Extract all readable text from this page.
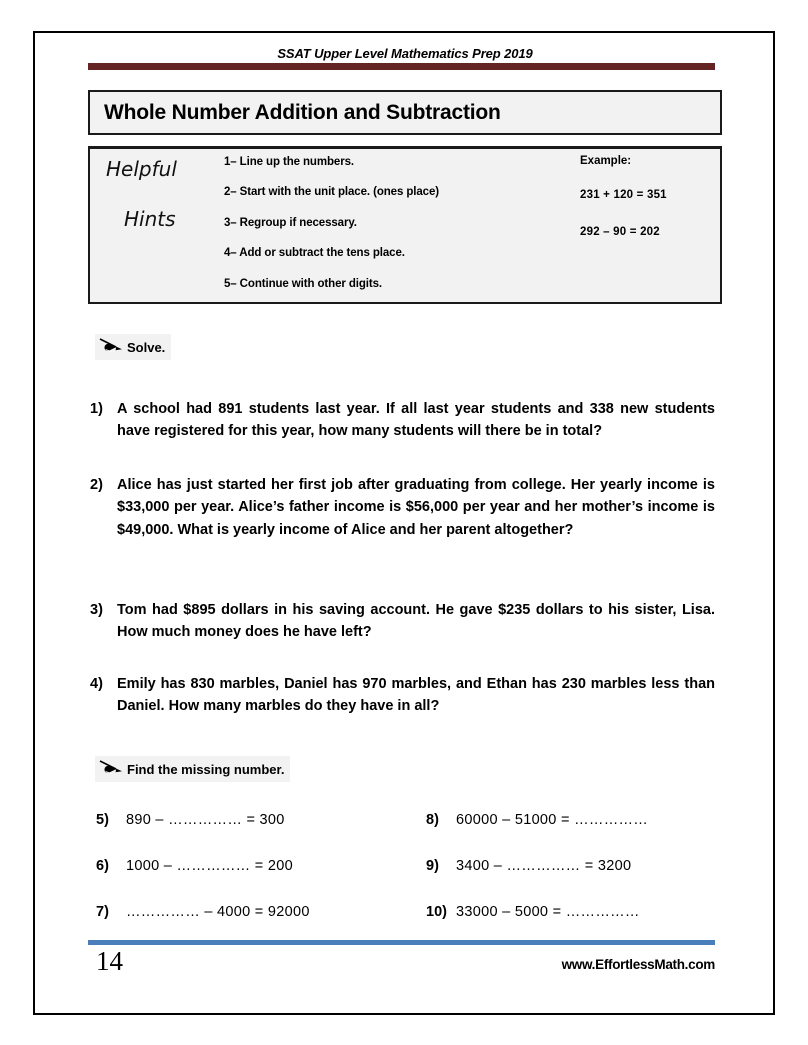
SSAT Upper Level Mathematics Prep 2019
Whole Number Addition and Subtraction
Helpful
Hints
1– Line up the numbers.
2– Start with the unit place. (ones place)
3– Regroup if necessary.
4– Add or subtract the tens place.
5– Continue with other digits.
Example:
231 + 120 = 351
292 – 90 = 202
Solve.
1) A school had 891 students last year. If all last year students and 338 new students have registered for this year, how many students will there be in total?
2) Alice has just started her first job after graduating from college. Her yearly income is $33,000 per year. Alice’s father income is $56,000 per year and her mother’s income is $49,000. What is yearly income of Alice and her parent altogether?
3) Tom had $895 dollars in his saving account. He gave $235 dollars to his sister, Lisa. How much money does he have left?
4) Emily has 830 marbles, Daniel has 970 marbles, and Ethan has 230 marbles less than Daniel. How many marbles do they have in all?
Find the missing number.
5)	890 – …………… = 300	8)	60000 – 51000 = ……………
6)	1000 – …………… = 200	9)	3400 – …………… = 3200
7)	…………… – 4000 = 92000	10) 33000 – 5000 = ……………
14	www.EffortlessMath.com
